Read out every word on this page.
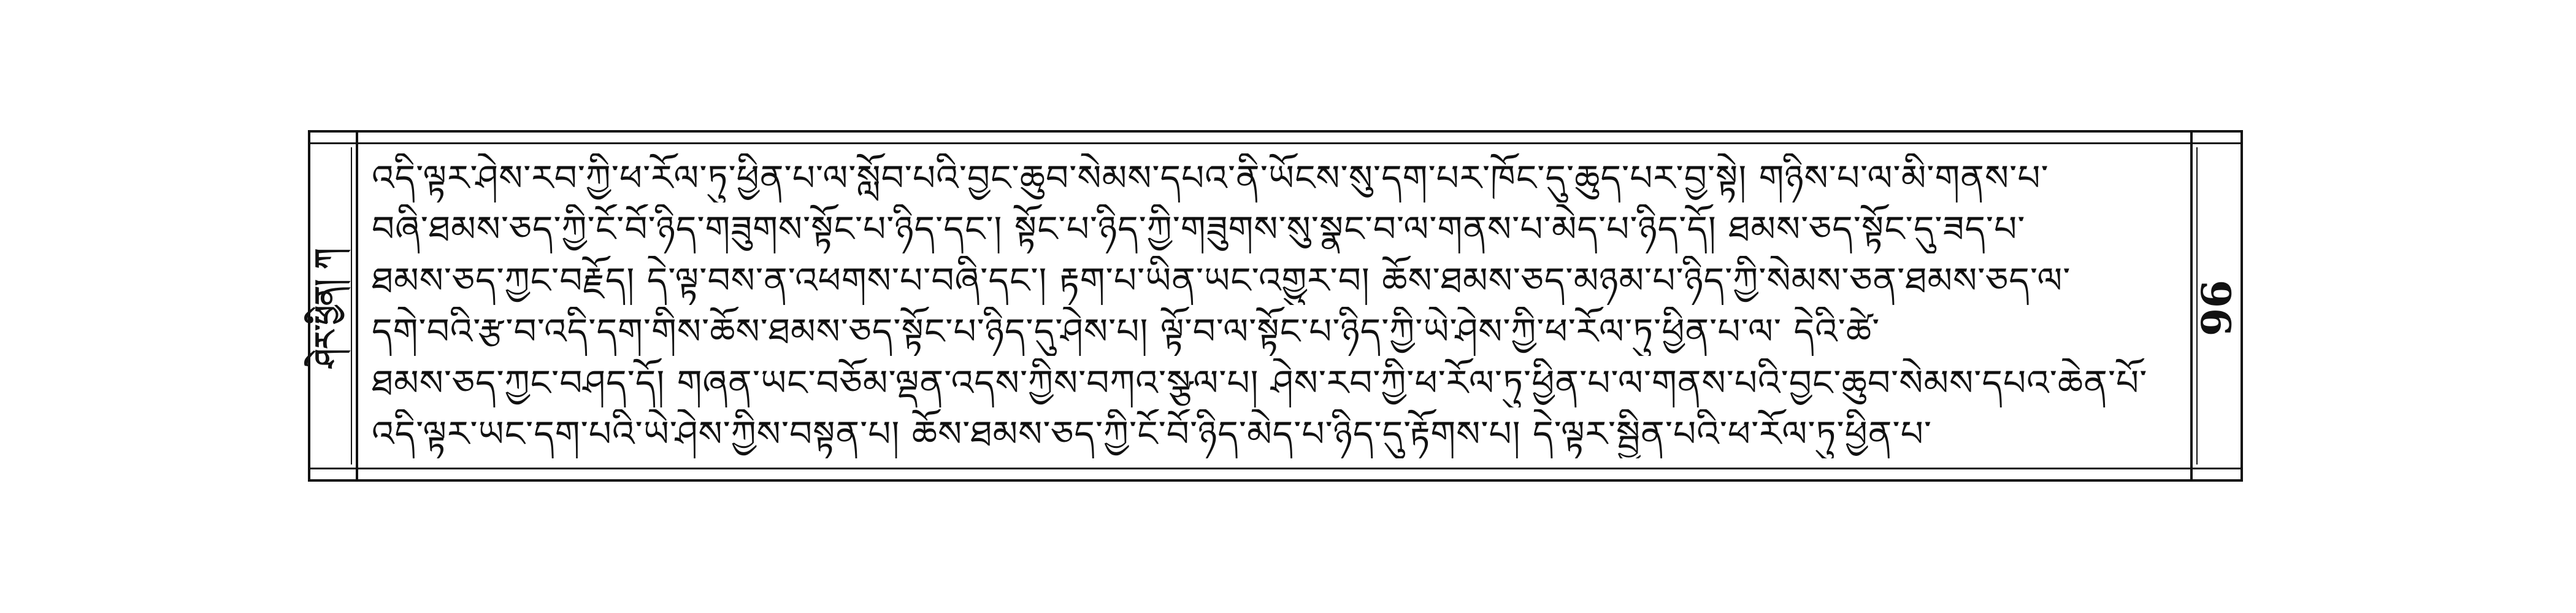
ཤེར་ཕྱིན། ཀ
འདི་ལྟར་ཤེས་རབ་ཀྱི་ཕ་རོལ་ཏུ་ཕྱིན་པ་ལ་སློབ་པའི་བྱང་ཆུབ་སེམས་དཔའ་ནི་ཡོངས་སུ་དག་པར་ཁོང་དུ་ཆུད་པར་བྱ་སྟེ། གཉིས་པ་ལ་མི་གནས་པ་
བཞི་ཐམས་ཅད་ཀྱི་ངོ་བོ་ཉིད་གཟུགས་སྟོང་པ་ཉིད་དང་། སྟོང་པ་ཉིད་ཀྱི་གཟུགས་སུ་སྣང་བ་ལ་གནས་པ་མེད་པ་ཉིད་དོ། ཐམས་ཅད་སྟོང་དུ་ཟད་པ་
ཐམས་ཅད་ཀྱང་བརྗོད། དེ་ལྟ་བས་ན་འཕགས་པ་བཞི་དང་། རྟག་པ་ཡིན་ཡང་འགྱུར་བ། ཆོས་ཐམས་ཅད་མཉམ་པ་ཉིད་ཀྱི་སེམས་ཅན་ཐམས་ཅད་ལ་
དགེ་བའི་རྩ་བ་འདི་དག་གིས་ཆོས་ཐམས་ཅད་སྟོང་པ་ཉིད་དུ་ཤེས་པ། ལྟོ་བ་ལ་སྟོང་པ་ཉིད་ཀྱི་ཡེ་ཤེས་ཀྱི་ཕ་རོལ་ཏུ་ཕྱིན་པ་ལ་ དེའི་ཚེ་
ཐམས་ཅད་ཀྱང་བཤད་དོ། གཞན་ཡང་བཅོམ་ལྡན་འདས་ཀྱིས་བཀའ་སྩལ་པ། ཤེས་རབ་ཀྱི་ཕ་རོལ་ཏུ་ཕྱིན་པ་ལ་གནས་པའི་བྱང་ཆུབ་སེམས་དཔའ་ཆེན་པོ་
འདི་ལྟར་ཡང་དག་པའི་ཡེ་ཤེས་ཀྱིས་བསྟན་པ། ཆོས་ཐམས་ཅད་ཀྱི་ངོ་བོ་ཉིད་མེད་པ་ཉིད་དུ་རྟོགས་པ། དེ་ལྟར་སྦྱིན་པའི་ཕ་རོལ་ཏུ་ཕྱིན་པ་
96
